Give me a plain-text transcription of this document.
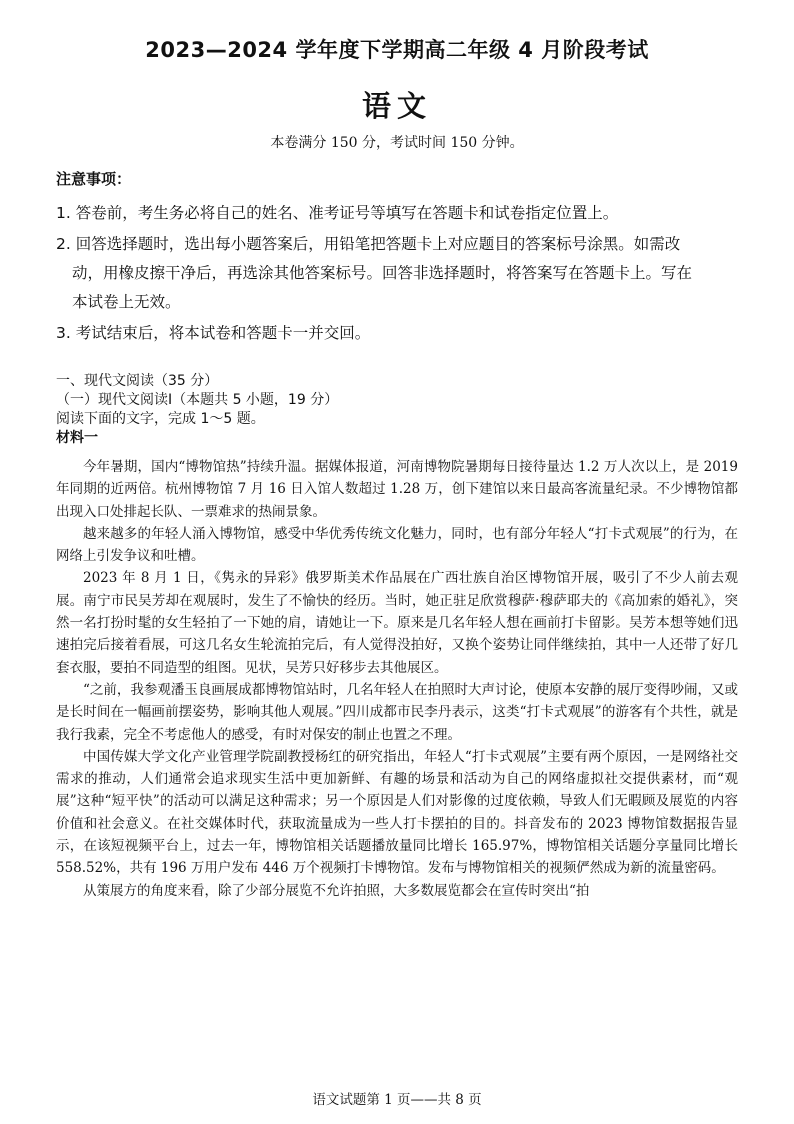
2023—2024 学年度下学期高二年级 4 月阶段考试
语文
本卷满分 150 分，考试时间 150 分钟。
注意事项：
1. 答卷前，考生务必将自己的姓名、准考证号等填写在答题卡和试卷指定位置上。
2. 回答选择题时，选出每小题答案后，用铅笔把答题卡上对应题目的答案标号涂黑。如需改
动，用橡皮擦干净后，再选涂其他答案标号。回答非选择题时，将答案写在答题卡上。写在
本试卷上无效。
3. 考试结束后，将本试卷和答题卡一并交回。
一、现代文阅读（35 分）
（一）现代文阅读Ⅰ（本题共 5 小题，19 分）
阅读下面的文字，完成 1～5 题。
材料一

今年暑期，国内“博物馆热”持续升温。据媒体报道，河南博物院暑期每日接待量达 1.2 万人次以上，是 2019 年同期的近两倍。杭州博物馆 7 月 16 日入馆人数超过 1.28 万，创下建馆以来日最高客流量纪录。不少博物馆都出现入口处排起长队、一票难求的热闹景象。

越来越多的年轻人涌入博物馆，感受中华优秀传统文化魅力，同时，也有部分年轻人“打卡式观展”的行为，在网络上引发争议和吐槽。

2023 年 8 月 1 日，《隽永的异彩》俄罗斯美术作品展在广西壮族自治区博物馆开展，吸引了不少人前去观展。南宁市民吴芳却在观展时，发生了不愉快的经历。当时，她正驻足欣赏穆萨·穆萨耶夫的《高加索的婚礼》，突然一名打扮时髦的女生轻拍了一下她的肩，请她让一下。原来是几名年轻人想在画前打卡留影。吴芳本想等她们迅速拍完后接着看展，可这几名女生轮流拍完后，有人觉得没拍好，又换个姿势让同伴继续拍，其中一人还带了好几套衣服，要拍不同造型的组图。见状，吴芳只好移步去其他展区。

“之前，我参观潘玉良画展成都博物馆站时，几名年轻人在拍照时大声讨论，使原本安静的展厅变得吵闹，又或是长时间在一幅画前摆姿势，影响其他人观展。”四川成都市民李丹表示，这类“打卡式观展”的游客有个共性，就是我行我素，完全不考虑他人的感受，有时对保安的制止也置之不理。

中国传媒大学文化产业管理学院副教授杨红的研究指出，年轻人“打卡式观展”主要有两个原因，一是网络社交需求的推动，人们通常会追求现实生活中更加新鲜、有趣的场景和活动为自己的网络虚拟社交提供素材，而“观展”这种“短平快”的活动可以满足这种需求；另一个原因是人们对影像的过度依赖，导致人们无暇顾及展览的内容价值和社会意义。在社交媒体时代，获取流量成为一些人打卡摆拍的目的。抖音发布的 2023 博物馆数据报告显示，在该短视频平台上，过去一年，博物馆相关话题播放量同比增长 165.97%，博物馆相关话题分享量同比增长 558.52%，共有 196 万用户发布 446 万个视频打卡博物馆。发布与博物馆相关的视频俨然成为新的流量密码。

从策展方的角度来看，除了少部分展览不允许拍照，大多数展览都会在宣传时突出“拍

语文试题第 1 页——共 8 页
